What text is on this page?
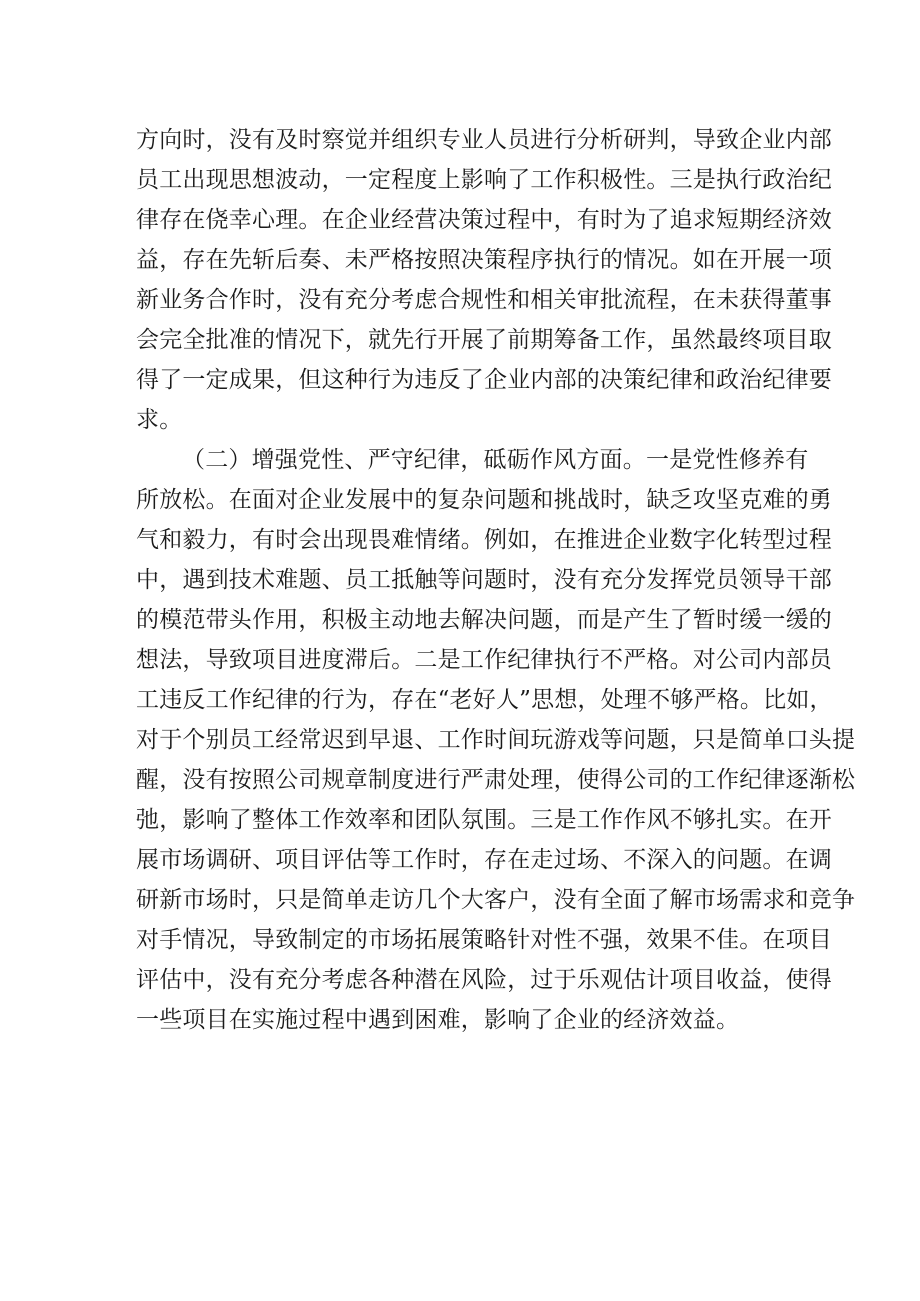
方向时，没有及时察觉并组织专业人员进行分析研判，导致企业内部
员工出现思想波动，一定程度上影响了工作积极性。三是执行政治纪
律存在侥幸心理。在企业经营决策过程中，有时为了追求短期经济效
益，存在先斩后奏、未严格按照决策程序执行的情况。如在开展一项
新业务合作时，没有充分考虑合规性和相关审批流程，在未获得董事
会完全批准的情况下，就先行开展了前期筹备工作，虽然最终项目取
得了一定成果，但这种行为违反了企业内部的决策纪律和政治纪律要
求。
（二）增强党性、严守纪律，砥砺作风方面。一是党性修养有
所放松。在面对企业发展中的复杂问题和挑战时，缺乏攻坚克难的勇
气和毅力，有时会出现畏难情绪。例如，在推进企业数字化转型过程
中，遇到技术难题、员工抵触等问题时，没有充分发挥党员领导干部
的模范带头作用，积极主动地去解决问题，而是产生了暂时缓一缓的
想法，导致项目进度滞后。二是工作纪律执行不严格。对公司内部员
工违反工作纪律的行为，存在“老好人”思想，处理不够严格。比如，
对于个别员工经常迟到早退、工作时间玩游戏等问题，只是简单口头提
醒，没有按照公司规章制度进行严肃处理，使得公司的工作纪律逐渐松
弛，影响了整体工作效率和团队氛围。三是工作作风不够扎实。在开
展市场调研、项目评估等工作时，存在走过场、不深入的问题。在调
研新市场时，只是简单走访几个大客户，没有全面了解市场需求和竞争
对手情况，导致制定的市场拓展策略针对性不强，效果不佳。在项目
评估中，没有充分考虑各种潜在风险，过于乐观估计项目收益，使得
一些项目在实施过程中遇到困难，影响了企业的经济效益。
